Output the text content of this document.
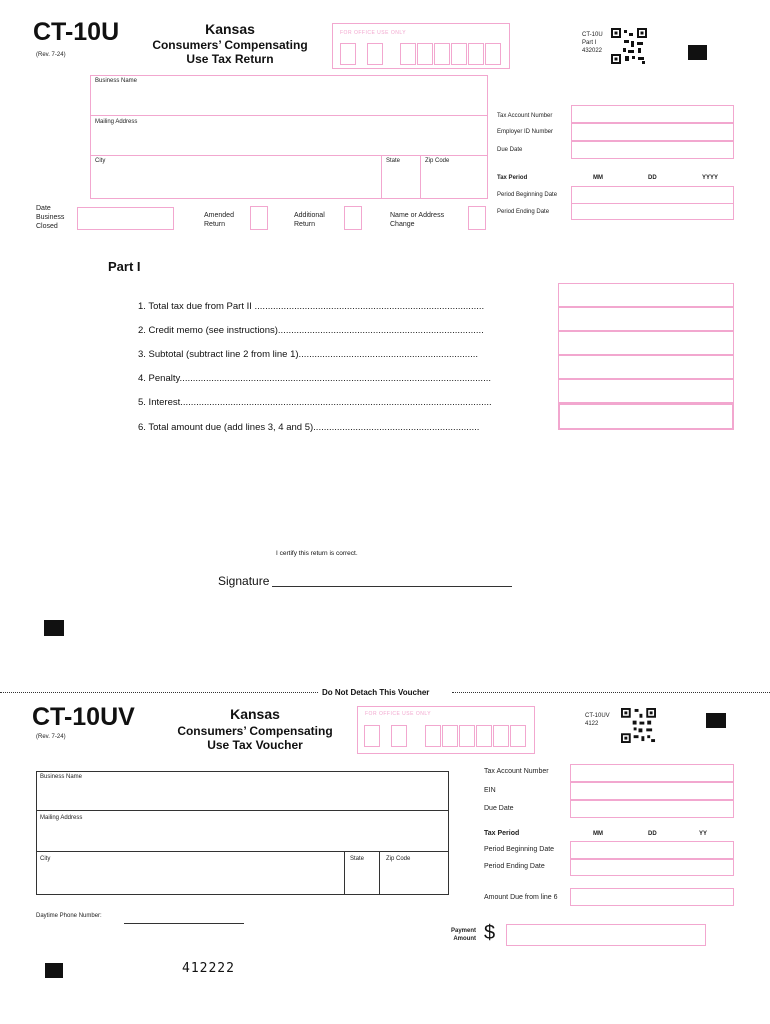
CT-10U
(Rev. 7-24)
Kansas
Consumers’ Compensating
Use Tax Return
FOR OFFICE USE ONLY	CT-10U
Part I
432022
Business Name
Mailing Address
City	State	Zip Code
Tax Account Number
Employer ID Number
Due Date
Tax Period	MM	DD	YYYY
Period Beginning Date
Period Ending Date
Date
Business
Closed
Amended
Return
Additional
Return
Name or Address
Change
Part I
1. Total tax due from Part II .......................................................................................
2. Credit memo (see instructions)..............................................................................
3. Subtotal (subtract line 2 from line 1)....................................................................
4. Penalty......................................................................................................................
5. Interest......................................................................................................................
6. Total amount due (add lines 3, 4 and 5)...............................................................
I certify this return is correct.
Signature
Do Not Detach This Voucher
CT-10UV
(Rev. 7-24)
Kansas
Consumers’ Compensating
Use Tax Voucher
FOR OFFICE USE ONLY	CT-10UV
4122
Business Name
Mailing Address
City	State	Zip Code
Tax Account Number
EIN
Due Date
Tax Period	MM	DD	YY
Period Beginning Date
Period Ending Date
Amount Due from line 6
Daytime Phone Number:
Payment
Amount $
412222
